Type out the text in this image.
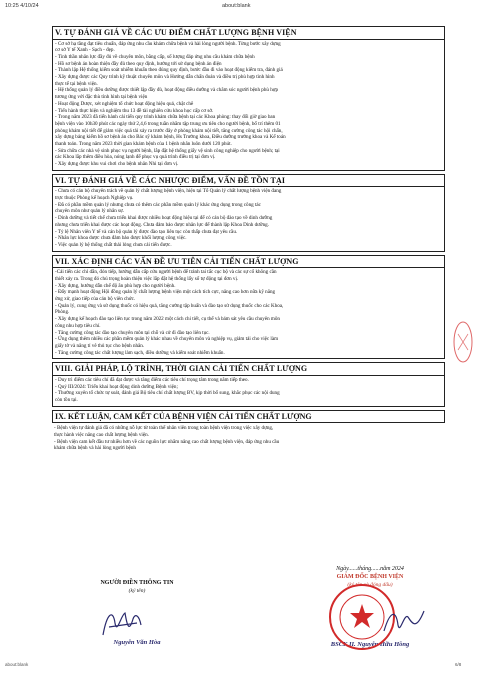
10:25 4/10/24	about:blank
V. TỰ ĐÁNH GIÁ VỀ CÁC ƯU ĐIỂM CHẤT LƯỢNG BỆNH VIỆN
- Cơ sở hạ tầng đạt tiêu chuẩn, đáp ứng nhu cầu khám chữa bệnh và hài lòng người bệnh. Từng bước xây dựng
cơ sở Y tế Xanh - Sạch - đẹp.
- Tinh thần nhân lực đầy đủ về chuyên môn, bằng cấp, số lượng đáp ứng nhu cầu khám chữa bệnh
- Hồ sơ bệnh án hoàn thiện đầy đủ theo quy định, hướng tới sử dụng bệnh án điện
- Thành lập Hệ thống kiểm soát nhiễm khuẩn theo đúng quy định, bước đầu đi vào hoạt động kiểm tra, đánh giá
- Xây dựng được các Quy trình kỹ thuật chuyên môn và Hướng dẫn chẩn đoán và điều trị phù hợp tình hình
thực tế tại bệnh viện.
- Hệ thống quản lý điều dưỡng được thiết lập đầy đủ, hoạt động điều dưỡng và chăm sóc người bệnh phù hợp
tương ứng với đặc thù tình hình tại bệnh viện
- Hoạt động Dược, xét nghiệm tổ chức hoạt động hiệu quả, chặt chẽ
- Tiến hành thực hiện và nghiệm thu 13 đề tài nghiên cứu khoa học cấp cơ sở.
- Trong năm 2023 đã tiến hành cải tiến quy trình khám chữa bệnh tại các Khoa phòng: thay đổi giờ giao ban
bệnh viện vào 10h30 phút các ngày thứ 2,4,6 trong tuần nhằm tập trung ưu tiên cho người bệnh, bố trí thêm 01
phòng khám nội tiết để giảm việc quá tải xảy ra trước đây ở phòng khám nội tiết, tăng cường công tác hội chẩn,
xây dựng bảng kiểm hồ sơ bệnh án cho Bác sỹ khám bệnh, Hs Trưởng khoa, Điều dưỡng trưởng khoa và Kế toán
thanh toán. Trong năm 2023 thời gian khám bệnh của 1 bệnh nhân luôn dưới 120 phút.
- Sửa chữa các nhà vệ sinh phục vụ người bệnh, lắp đặt hệ thống giấy vệ sinh công nghiệp cho người bệnh; tại
các Khoa lắp thêm điều hòa, nóng lạnh để phục vụ quá trình điều trị tại đơn vị.
- Xây dựng được khu vui chơi cho bệnh nhân Nhi tại đơn vị.
VI. TỰ ĐÁNH GIÁ VỀ CÁC NHƯỢC ĐIỂM, VẤN ĐỀ TỒN TẠI
- Chưa có cán bộ chuyên trách về quản lý chất lượng bệnh viện, hiện tại Tổ Quản lý chất lượng bệnh viện đang
trực thuộc Phòng kế hoạch Nghiệp vụ.
- Đã có phần mềm quản lý nhưng chưa có thêm các phần mềm quản lý khác ứng dụng trong công tác
chuyên môn như quản lý nhân sự.
- Dinh dưỡng và tiết chế chưa triển khai được nhiều hoạt động hiệu tại để có cán bộ đào tạo về dinh dưỡng
nhưng chưa triển khai được các hoạt động. Chưa đảm bảo được nhân lực để thành lập Khoa Dinh dưỡng.
- Tỷ lệ Nhân viên Y tế và cán bộ quản lý được đào tạo liên tục còn thấp chưa đạt yêu cầu.
- Nhân lực khoa dược chưa đảm bảo được khối lượng công việc.
- Việc quản lý hệ thống chất thải lỏng chưa cải tiến được.
VII. XÁC ĐỊNH CÁC VẤN ĐỀ ƯU TIÊN CẢI TIẾN CHẤT LƯỢNG
-Cải tiến các chỉ dẫn, đón tiếp, hướng dẫn cấp cứu người bệnh để tránh tai tấc cục bộ và các sự cố không cần
thiết xảy ra. Trong đó chú trọng hoàn thiện việc lắp đặt hệ thống lấy số tự động tại đơn vị.
- Xây dựng, hướng dẫn chế độ ăn phù hợp cho người bệnh.
- Đẩy mạnh hoạt động Hội đồng quản lý chất lượng bệnh viện một cách tích cực, nâng cao hơn nữa kỹ năng
ứng xử, giao tiếp của cán bộ viên chức.
- Quản lý, cung ứng và sử dụng thuốc có hiệu quả, tăng cường tập huấn và đào tạo sử dụng thuốc cho các Khoa,
Phòng.
- Xây dựng kế hoạch đào tạo liên tục trong năm 2022 một cách chi tiết, cụ thể và bám sát yêu cầu chuyên môn
công nhu hợp tiêu chí.
- Tăng cường công tác đào tạo chuyên môn tại chỗ và cử đi đào tạo liên tục.
- Ứng dụng thêm nhiều các phần mềm quản lý khác nhau về chuyên môn và nghiệp vụ, giảm tải cho việc làm
giấy tờ và nâng tỉ vê thủ tục cho bệnh nhân.
- Tăng cường công tác chất lượng làm sạch, điều dưỡng và kiểm soát nhiễm khuẩn.
VIII. GIẢI PHÁP, LỘ TRÌNH, THỜI GIAN CẢI TIẾN CHẤT LƯỢNG
- Duy trì điểm các tiêu chí đã đạt được và tăng điểm các tiêu chí trọng tâm trong năm tiếp theo.
- Quý III/2024: Triển khai hoạt động dinh dưỡng Bệnh viện;
- Thường xuyên tổ chức tự soát, đánh giá Bộ tiêu chí chất lượng BV, kịp thời bổ sung, khắc phục các nội dung
còn tồn tại.
IX. KẾT LUẬN, CAM KẾT CỦA BỆNH VIỆN CẢI TIẾN CHẤT LƯỢNG
- Bệnh viện tự đánh giá đã có những nỗ lực từ toàn thể nhân viên trong toàn bệnh viện trong việc xây dựng,
thực hành việc nâng cao chất lượng bệnh viện.
- Bệnh viện cam kết đầu tư nhiều hơn về các nguồn lực nhằm nâng cao chất lượng bệnh viện, đáp ứng nhu cầu
khám chữa bệnh và hài lòng người bệnh
NGƯỜI ĐIỀN THÔNG TIN
(ký tên)
Nguyễn Văn Hòa
Ngày......tháng......năm 2024
GIÁM ĐỐC BỆNH VIỆN
(ký tên và đóng dấu)
BSCK II. Nguyễn Hữu Hồng
about:blank	6/8
